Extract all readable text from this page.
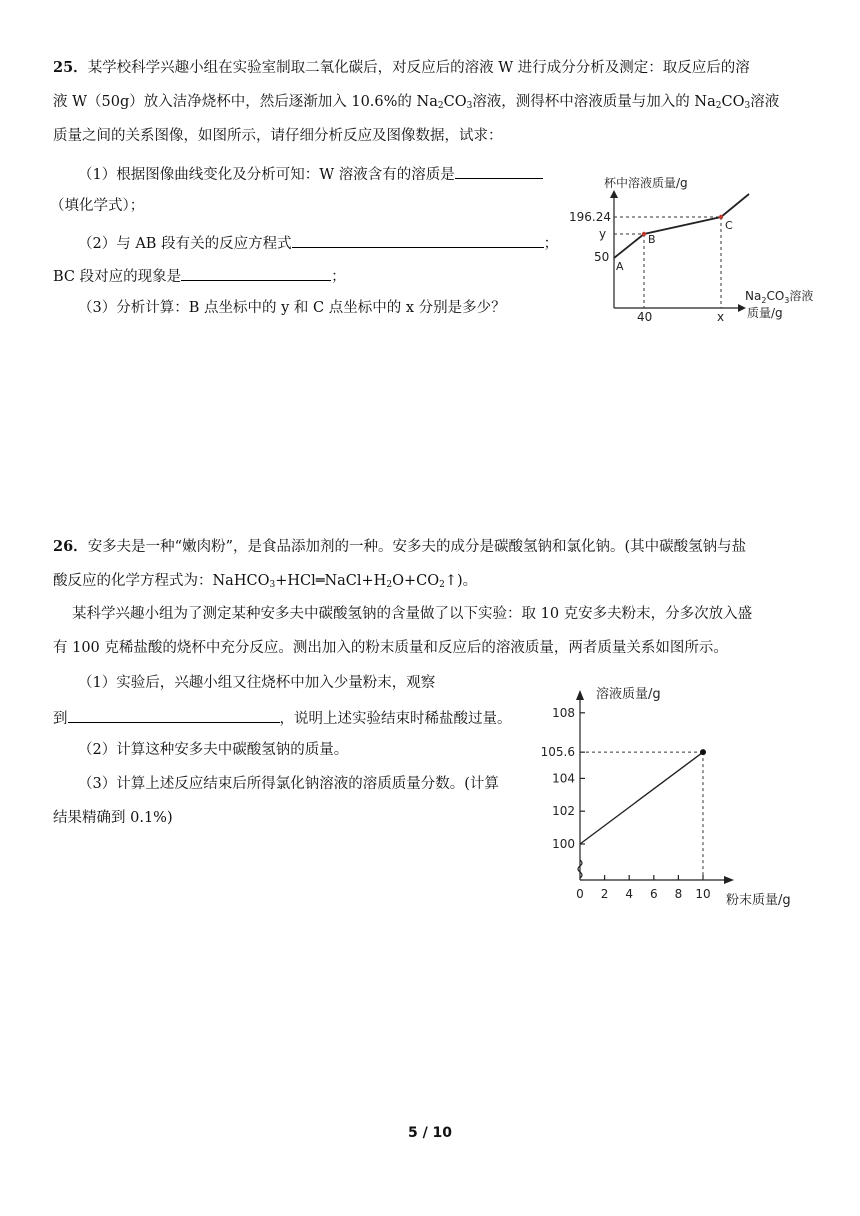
25．某学校科学兴趣小组在实验室制取二氧化碳后，对反应后的溶液 W 进行成分分析及测定：取反应后的溶
液 W（50g）放入洁净烧杯中，然后逐渐加入 10.6%的 $Na_2CO_3$溶液，测得杯中溶液质量与加入的 $Na_2CO_3$溶液
质量之间的关系图像，如图所示，请仔细分析反应及图像数据，试求：
（1）根据图像曲线变化及分析可知：W 溶液含有的溶质是
（填化学式）；
（2）与 AB 段有关的反应方程式	；
BC 段对应的现象是	；
（3）分析计算：B 点坐标中的 y 和 C 点坐标中的 x 分别是多少？
杯中溶液质量/g
196.24
y
50
A
B
C
40	x
$Na_2CO_3$溶液
质量/g
26．安多夫是一种“嫩肉粉”，是食品添加剂的一种。安多夫的成分是碳酸氢钠和氯化钠。(其中碳酸氢钠与盐
酸反应的化学方程式为：$NaHCO_3+HCl═NaCl+H_2O+CO_2↑$)。
某科学兴趣小组为了测定某种安多夫中碳酸氢钠的含量做了以下实验：取 10 克安多夫粉末，分多次放入盛
有 100 克稀盐酸的烧杯中充分反应。测出加入的粉末质量和反应后的溶液质量，两者质量关系如图所示。
（1）实验后，兴趣小组又往烧杯中加入少量粉末，观察
到	，说明上述实验结束时稀盐酸过量。
（2）计算这种安多夫中碳酸氢钠的质量。
（3）计算上述反应结束后所得氯化钠溶液的溶质质量分数。(计算
结果精确到 0.1%)
溶液质量/g
100
102
104
105.6
108
0 2 4 6 8 10 粉末质量/g
5 / 10
